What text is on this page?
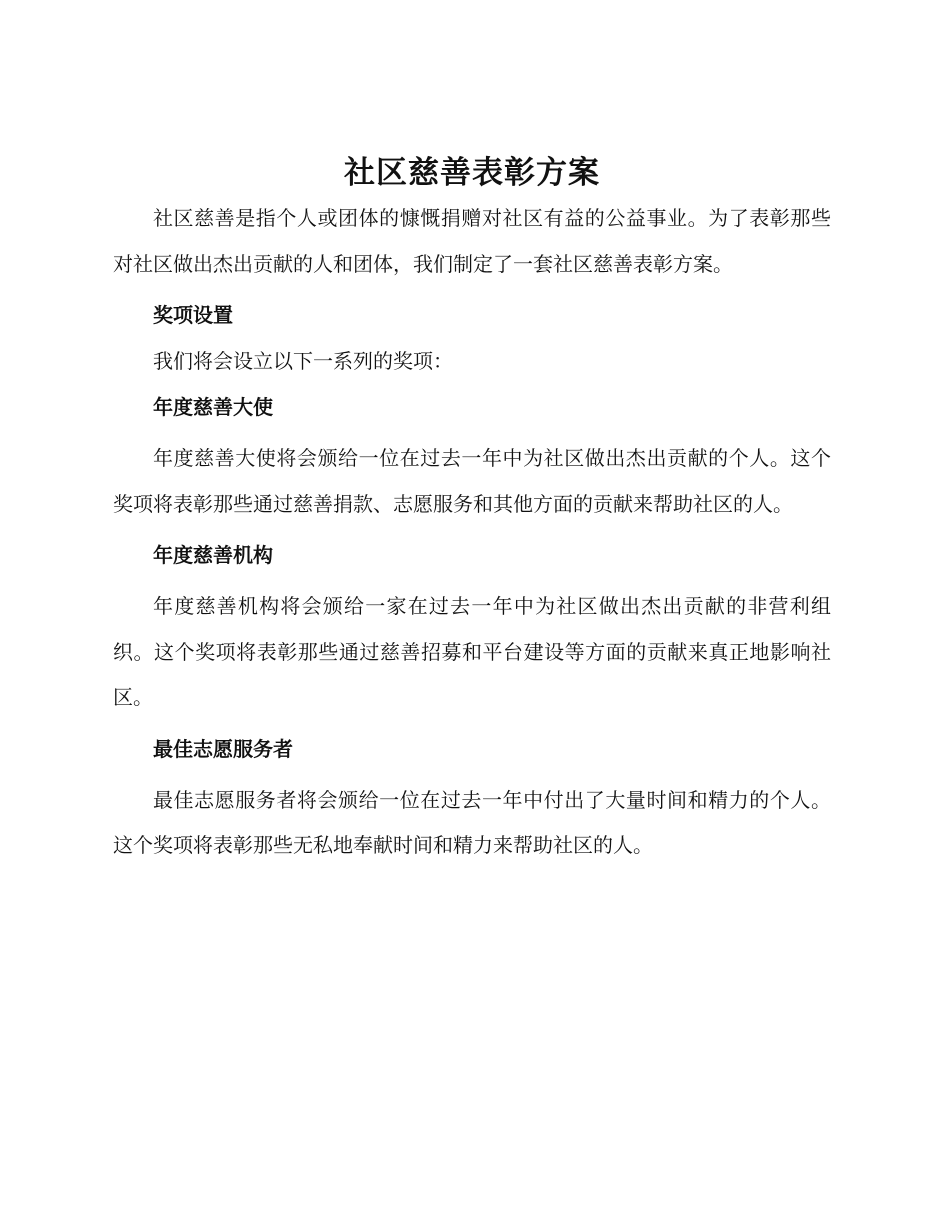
社区慈善表彰方案

社区慈善是指个人或团体的慷慨捐赠对社区有益的公益事业。为了表彰那些对社区做出杰出贡献的人和团体，我们制定了一套社区慈善表彰方案。

奖项设置
我们将会设立以下一系列的奖项：
年度慈善大使

年度慈善大使将会颁给一位在过去一年中为社区做出杰出贡献的个人。这个奖项将表彰那些通过慈善捐款、志愿服务和其他方面的贡献来帮助社区的人。

年度慈善机构

年度慈善机构将会颁给一家在过去一年中为社区做出杰出贡献的非营利组织。这个奖项将表彰那些通过慈善招募和平台建设等方面的贡献来真正地影响社区。

最佳志愿服务者

最佳志愿服务者将会颁给一位在过去一年中付出了大量时间和精力的个人。这个奖项将表彰那些无私地奉献时间和精力来帮助社区的人。
